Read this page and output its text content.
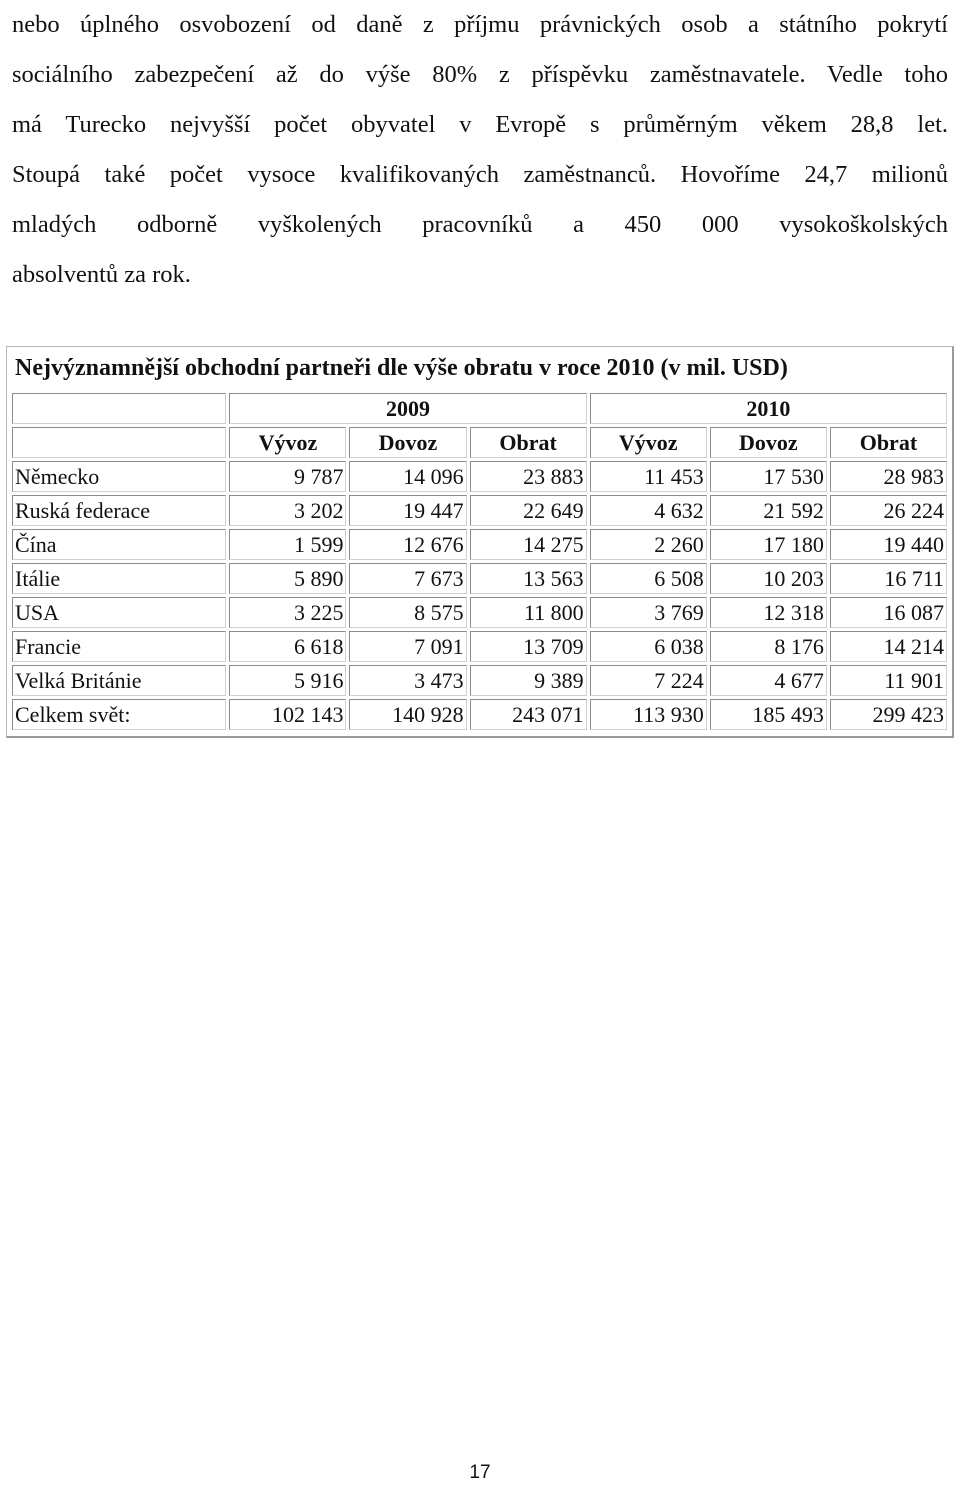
nebo úplného osvobození od daně z příjmu právnických osob a státního pokrytí
sociálního zabezpečení až do výše 80% z příspěvku zaměstnavatele. Vedle toho
má Turecko nejvyšší počet obyvatel v Evropě s průměrným věkem 28,8 let.
Stoupá také počet vysoce kvalifikovaných zaměstnanců. Hovoříme 24,7 milionů
mladých odborně vyškolených pracovníků a 450 000 vysokoškolských
absolventů za rok.
Nejvýznamnější obchodní partneři dle výše obratu v roce 2010 (v mil. USD)
	2009			2010		
	Vývoz	Dovoz	Obrat	Vývoz	Dovoz	Obrat
Německo	9 787	14 096	23 883	11 453	17 530	28 983
Ruská federace	3 202	19 447	22 649	4 632	21 592	26 224
Čína	1 599	12 676	14 275	2 260	17 180	19 440
Itálie	5 890	7 673	13 563	6 508	10 203	16 711
USA	3 225	8 575	11 800	3 769	12 318	16 087
Francie	6 618	7 091	13 709	6 038	8 176	14 214
Velká Británie	5 916	3 473	9 389	7 224	4 677	11 901
Celkem svět:	102 143	140 928	243 071	113 930	185 493	299 423
17
